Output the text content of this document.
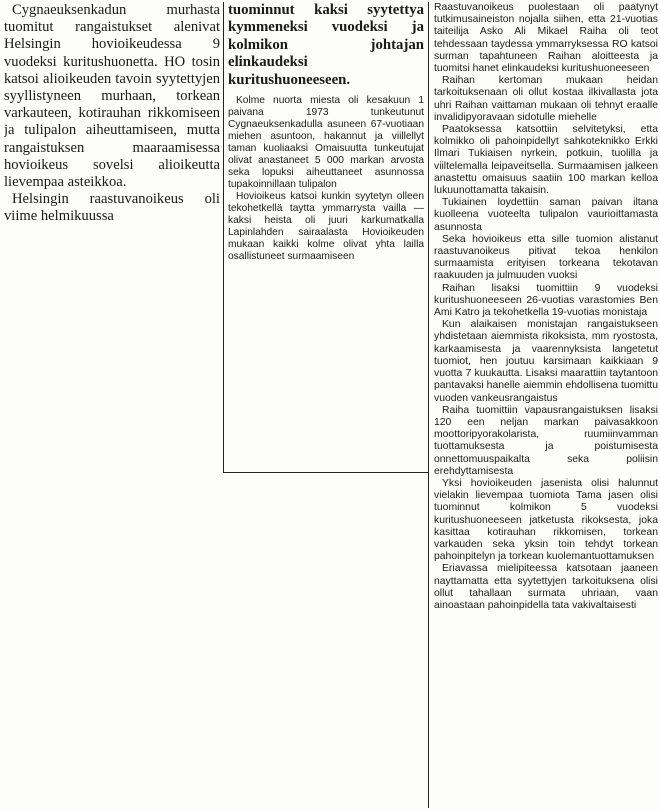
Cygnaeuksenkadun murhasta tuomitut rangaistukset alenivat Helsingin hovioikeudessa 9 vuodeksi kuritushuonetta. HO tosin katsoi alioikeuden tavoin syytettyjen syyllistyneen murhaan, torkean varkauteen, kotirauhan rikkomiseen ja tulipalon aiheuttamiseen, mutta rangaistuksen maaraamisessa hovioikeus sovelsi alioikeutta lievempaa asteikkoa.

Helsingin raastuvanoikeus oli viime helmikuussa

tuominnut kaksi syytettya kymmeneksi vuodeksi ja kolmikon johtajan elinkaudeksi kuritushuoneeseen.

Kolme nuorta miesta oli kesakuun 1 paivana 1973 tunkeutunut Cygnaeuksenkadulla asuneen 67-vuotiaan miehen asuntoon, hakannut ja viillellyt taman kuoliaaksi Omaisuutta tunkeutujat olivat anastaneet 5 000 markan arvosta seka lopuksi aiheuttaneet asunnossa tupakoinnillaan tulipalon

Hovioikeus katsoi kunkin syytetyn olleen tekohetkellä taytta ymmarrysta vailla — kaksi heista oli juuri karkumatkalla Lapinlahden sairaalasta Hovioikeuden mukaan kaikki kolme olivat yhta lailla osallistuneet surmaamiseen

Raastuvanoikeus puolestaan oli paatynyt tutkimusaineiston nojalla siihen, etta 21-vuotias taiteilija Asko Ali Mikael Raiha oli teot tehdessaan taydessa ymmarryksessa RO katsoi surman tapahtuneen Raihan aloitteesta ja tuomitsi hanet elinkaudeksi kuritushuoneeseen

Raihan kertoman mukaan heidan tarkoituksenaan oli ollut kostaa ilkivallasta jota uhri Raihan vaittaman mukaan oli tehnyt eraalle invalidipyoravaan sidotulle miehelle

Paatoksessa katsottiin selvitetyksi, etta kolmikko oli pahoinpidellyt sahkoteknikko Erkki Ilmari Tukiaisen nyrkein, potkuin, tuolilla ja viiltelemalla leipaveitsella. Surmaamisen jalkeen anastettu omaisuus saatiin 100 markan kelloa lukuunottamatta takaisin.

Tukiainen loydettiin saman paivan iltana kuolleena vuoteelta tulipalon vaurioittamasta asunnosta

Seka hovioikeus etta sille tuomion alistanut raastuvanoikeus pitivat tekoa henkilon surmaamista erityisen torkeana tekotavan raakuuden ja julmuuden vuoksi

Raihan lisaksi tuomittiin 9 vuodeksi kuritushuoneeseen 26-vuotias varastomies Ben Ami Katro ja tekohetkella 19-vuotias monistaja

Kun alaikaisen monistajan rangaistukseen yhdistetaan aiemmista rikoksista, mm ryostosta, karkaamisesta ja vaarennyksista langetetut tuomiot, hen joutuu karsimaan kaikkiaan 9 vuotta 7 kuukautta. Lisaksi maarattiin taytantoon pantavaksi hanelle aiemmin ehdollisena tuomittu vuoden vankeusrangaistus

Raiha tuomittiin vapausrangaistuksen lisaksi 120 een neljan markan paivasakkoon moottoripyorakolarista, ruumiinvamman tuottamuksesta ja poistumisesta onnettomuuspaikalta seka poliisin erehdyttamisesta

Yksi hovioikeuden jasenista olisi halunnut vielakin lievempaa tuomiota Tama jasen olisi tuominnut kolmikon 5 vuodeksi kuritushuoneeseen jatketusta rikoksesta, joka kasittaa kotirauhan rikkomisen, torkean varkauden seka yksin toin tehdyt torkean pahoinpitelyn ja torkean kuolemantuottamuksen

Eriavassa mielipiteessa katsotaan jaaneen nayttamatta etta syytettyjen tarkoituksena olisi ollut tahallaan surmata uhriaan, vaan ainoastaan pahoinpidella tata vakivaltaisesti
